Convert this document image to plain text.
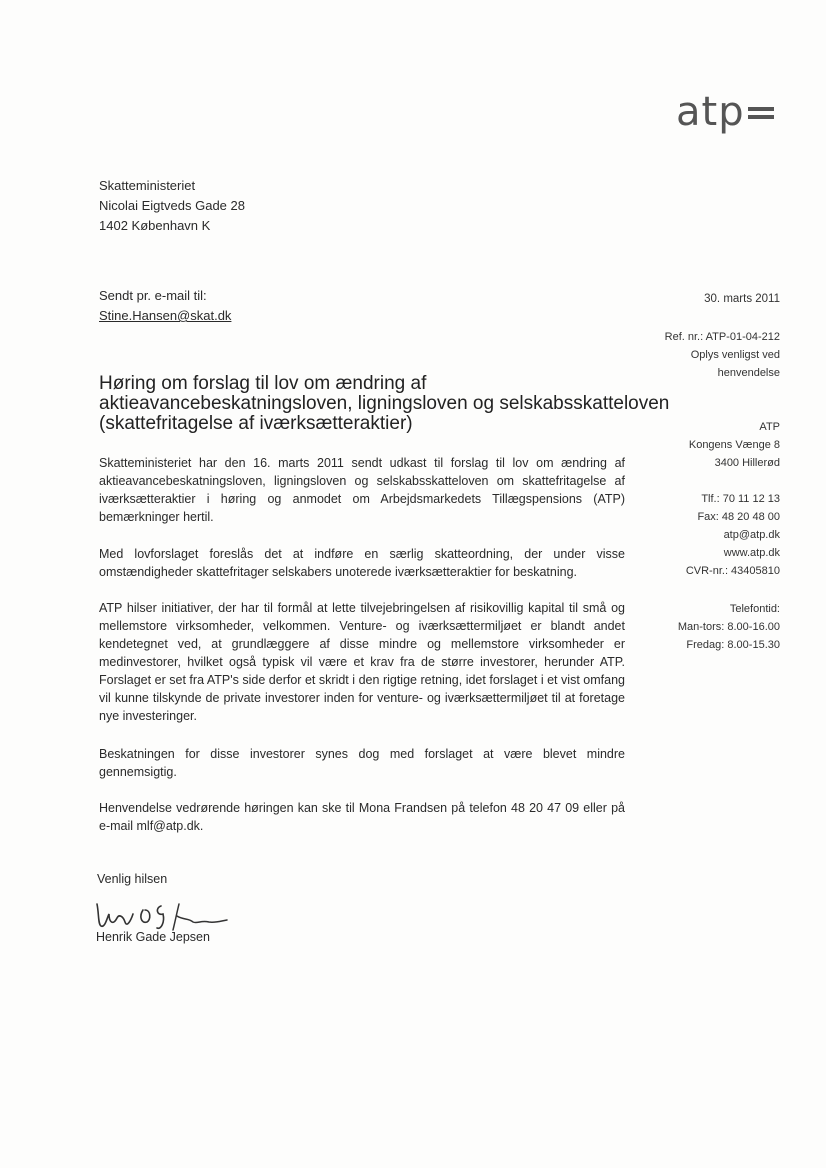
atp
Skatteministeriet
Nicolai Eigtveds Gade 28
1402 København K
Sendt pr. e-mail til:
Stine.Hansen@skat.dk
30. marts 2011
Ref. nr.: ATP-01-04-212
Oplys venligst ved
henvendelse
ATP
Kongens Vænge 8
3400 Hillerød
Tlf.: 70 11 12 13
Fax: 48 20 48 00
atp@atp.dk
www.atp.dk
CVR-nr.: 43405810
Telefontid:
Man-tors: 8.00-16.00
Fredag: 8.00-15.30
Høring om forslag til lov om ændring af
aktieavancebeskatningsloven, ligningsloven og selskabsskatteloven
(skattefritagelse af iværksætteraktier)
Skatteministeriet har den 16. marts 2011 sendt udkast til forslag til lov om ændring af aktieavancebeskatningsloven, ligningsloven og selskabsskatteloven om skattefritagelse af iværksætteraktier i høring og anmodet om Arbejdsmarkedets Tillægspensions (ATP) bemærkninger hertil.
Med lovforslaget foreslås det at indføre en særlig skatteordning, der under visse omstændigheder skattefritager selskabers unoterede iværksætteraktier for beskatning.
ATP hilser initiativer, der har til formål at lette tilvejebringelsen af risikovillig kapital til små og mellemstore virksomheder, velkommen. Venture- og iværksættermiljøet er blandt andet kendetegnet ved, at grundlæggere af disse mindre og mellemstore virksomheder er medinvestorer, hvilket også typisk vil være et krav fra de større investorer, herunder ATP. Forslaget er set fra ATP's side derfor et skridt i den rigtige retning, idet forslaget i et vist omfang vil kunne tilskynde de private investorer inden for venture- og iværksættermiljøet til at foretage nye investeringer.
Beskatningen for disse investorer synes dog med forslaget at være blevet mindre gennemsigtig.
Henvendelse vedrørende høringen kan ske til Mona Frandsen på telefon 48 20 47 09 eller på e-mail mlf@atp.dk.
Venlig hilsen
Henrik Gade Jepsen
